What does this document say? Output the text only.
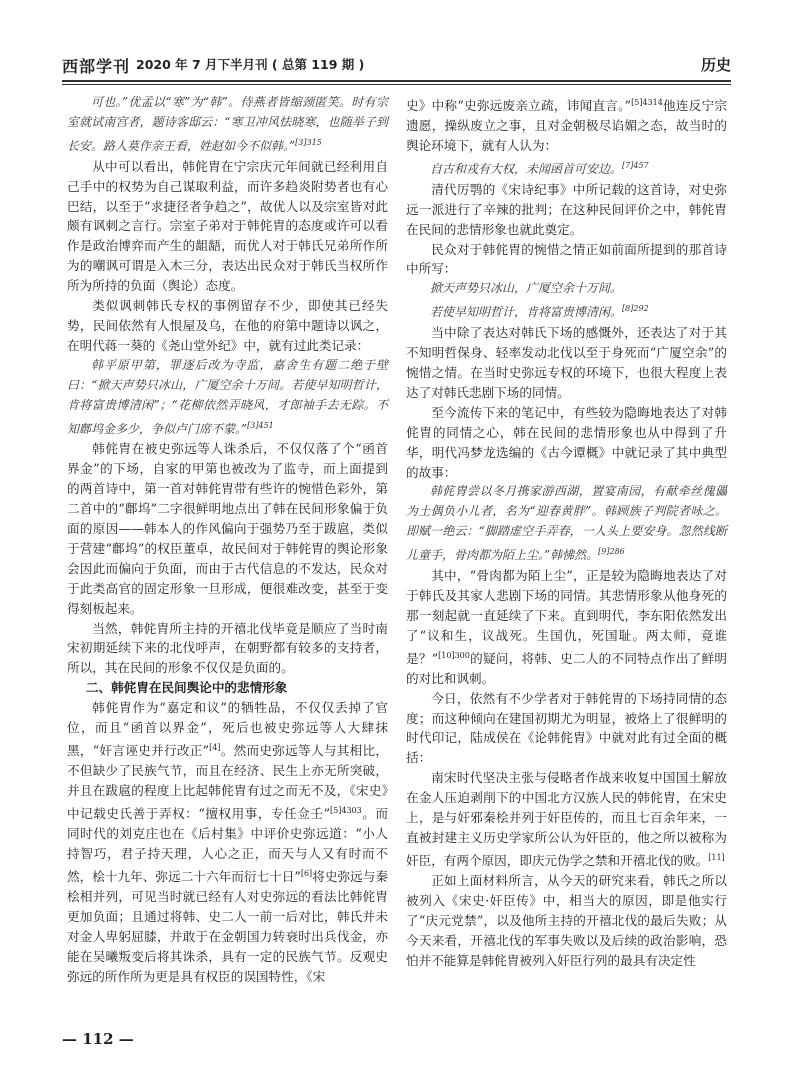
西部学刊 2020 年 7 月下半月刊 ( 总第 119 期 )	历史

可也。”优孟以“寒”为“韩”。侍燕者皆缩颈匿笑。时有宗室就试南宫者，题诗客邸云：“寒卫冲风怯晓寒，也随举子到长安。路人莫作亲王看，姓赵如今不似韩。”$^{[3]315}$

从中可以看出，韩侂胄在宁宗庆元年间就已经利用自己手中的权势为自己谋取利益，而许多趋炎附势者也有心巴结，以至于“求捷径者争趋之”，故优人以及宗室皆对此颇有讽刺之言行。宗室子弟对于韩侂胄的态度或许可以看作是政治博弈而产生的龃龉，而优人对于韩氏兄弟所作所为的嘲讽可谓是入木三分，表达出民众对于韩氏当权所作所为所持的负面（舆论）态度。

类似讽刺韩氏专权的事例留存不少，即使其已经失势，民间依然有人恨屋及乌，在他的府第中题诗以讽之，在明代蒋一葵的《尧山堂外纪》中，就有过此类记录：

韩平原甲第，罪逐后改为寺监，嘉舍生有题二绝于壁曰：“掀天声势只冰山，广厦空余十万间。若使早知明哲计，肯将富贵博清闲”；“花柳依然弄晓风，才郎袖手去无踪。不知鄜坞金多少，争似卢门席不蒙。”$^{[3]451}$

韩侂胄在被史弥远等人诛杀后，不仅仅落了个“函首界金”的下场，自家的甲第也被改为了监寺，而上面提到的两首诗中，第一首对韩侂胄带有些许的惋惜色彩外，第二首中的“鄜坞”二字很鲜明地点出了韩在民间形象偏于负面的原因——韩本人的作风偏向于强势乃至于跋扈，类似于营建“鄜坞”的权臣董卓，故民间对于韩侂胄的舆论形象会因此而偏向于负面，而由于古代信息的不发达，民众对于此类高官的固定形象一旦形成，便很难改变，甚至于变得刻板起来。

当然，韩侂胄所主持的开禧北伐毕竟是顺应了当时南宋初期延续下来的北伐呼声，在朝野都有较多的支持者，所以，其在民间的形象不仅仅是负面的。

二、韩侂胄在民间舆论中的悲情形象

韩侂胄作为“嘉定和议”的牺牲品，不仅仅丢掉了官位，而且“函首以界金”，死后也被史弥远等人大肆抹黑，“奸言诬史并行改正”[4]。然而史弥远等人与其相比，不但缺少了民族气节，而且在经济、民生上亦无所突破，并且在跋扈的程度上比起韩侂胄有过之而无不及，《宋史》中记载史氏善于弄权：“擅权用事，专任佥壬”$^{[5]4303}$。而同时代的刘克庄也在《后村集》中评价史弥远道：“小人持智巧，君子持天理，人心之正，而天与人又有时而不然，桧十九年、弥远二十六年而衍七十日”[6]将史弥远与秦桧相并列，可见当时就已经有人对史弥远的看法比韩侂胄更加负面；且通过将韩、史二人一前一后对比，韩氏并未对金人卑躬屈膝，并敢于在金朝国力转衰时出兵伐金，亦能在吴曦叛变后将其诛杀，具有一定的民族气节。反观史弥远的所作所为更是具有权臣的误国特性，《宋

史》中称“史弥远废亲立疏，讳闻直言。”$^{[5]4314}$他连反宁宗遗愿，操纵废立之事，且对金朝极尽谄媚之态，故当时的舆论环境下，就有人认为：

自古和戎有大权，未闻函首可安边。$^{[7]457}$

清代厉鹗的《宋诗纪事》中所记载的这首诗，对史弥远一派进行了辛辣的批判；在这种民间评价之中，韩侂胄在民间的悲情形象也就此奠定。

民众对于韩侂胄的惋惜之情正如前面所提到的那首诗中所写：

掀天声势只冰山，广厦空余十万间。

若使早知明哲计，肯将富贵博清闲。$^{[8]292}$

当中除了表达对韩氏下场的感慨外，还表达了对于其不知明哲保身、轻率发动北伐以至于身死而“广厦空余”的惋惜之情。在当时史弥远专权的环境下，也很大程度上表达了对韩氏悲剧下场的同情。

至今流传下来的笔记中，有些较为隐晦地表达了对韩侂胄的同情之心，韩在民间的悲情形象也从中得到了升华，明代冯梦龙选编的《古今谭概》中就记录了其中典型的故事：

韩侂胄尝以冬月携家游西湖，置宴南园，有献牵丝傀儡为土偶负小儿者，名为“迎春黄胖”。韩顾族子判院者咏之。即赋一绝云：“脚踏虚空手弄春，一人头上要安身。忽然线断儿童手，骨肉都为陌上尘。”韩怫然。$^{[9]286}$

其中，“骨肉都为陌上尘”，正是较为隐晦地表达了对于韩氏及其家人悲剧下场的同情。其悲情形象从他身死的那一刻起就一直延续了下来。直到明代，李东阳依然发出了“议和生，议战死。生国仇，死国耻。两太师，竟谁是？”$^{[10]300}$的疑问，将韩、史二人的不同特点作出了鲜明的对比和讽刺。

今日，依然有不少学者对于韩侂胄的下场持同情的态度；而这种倾向在建国初期尤为明显，被烙上了很鲜明的时代印记，陆成侯在《论韩侂胄》中就对此有过全面的概括：

南宋时代坚决主张与侵略者作战来收复中国国土解放在金人压迫剥削下的中国北方汉族人民的韩侂胄，在宋史上，是与奸邪秦桧并列于奸臣传的，而且七百余年来，一直被封建主义历史学家所公认为奸臣的，他之所以被称为奸臣，有两个原因，即庆元伪学之禁和开禧北伐的败。[11]

正如上面材料所言，从今天的研究来看，韩氏之所以被列入《宋史·奸臣传》中，相当大的原因，即是他实行了“庆元党禁”，以及他所主持的开禧北伐的最后失败；从今天来看，开禧北伐的军事失败以及后续的政治影响，恐怕并不能算是韩侂胄被列入奸臣行列的最具有决定性

— 112 —
